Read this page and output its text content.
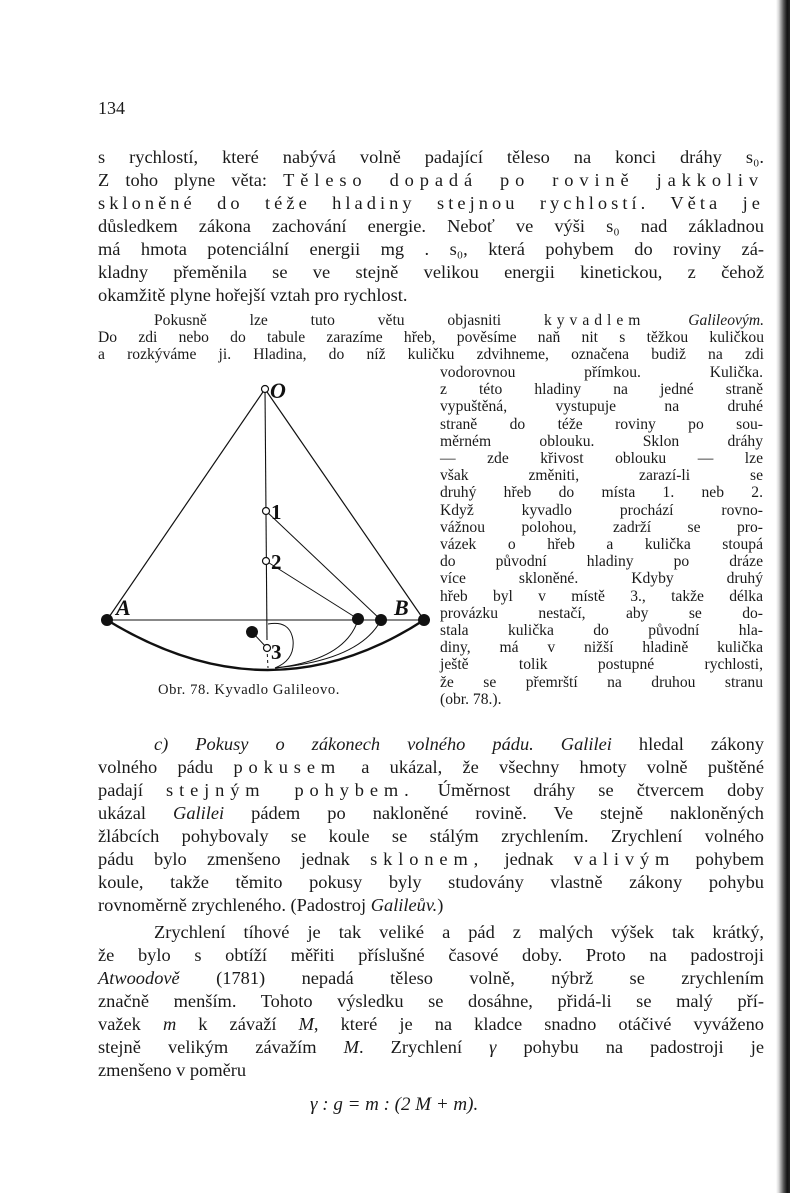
134
s rychlostí, které nabývá volně padající těleso na konci dráhy s₀.
Z toho plyne věta: Těleso dopadá po rovině jakkoliv
skloněné do téže hladiny stejnou rychlostí. Věta je
důsledkem zákona zachování energie. Neboť ve výši s₀ nad základnou
má hmota potenciální energii mg . s₀, která pohybem do roviny zá-
kladny přeměnila se ve stejně velikou energii kinetickou, z čehož
okamžitě plyne hořejší vztah pro rychlost.
Pokusně lze tuto větu objasniti kyvadlem Galileovým.
Do zdi nebo do tabule zarazíme hřeb, pověsíme naň nit s těžkou kuličkou
a rozkýváme ji. Hladina, do níž kuličku zdvihneme, označena budiž na zdi
vodorovnou přímkou. Kulička.
z této hladiny na jedné straně
vypuštěná, vystupuje na druhé
straně do téže roviny po sou-
měrném oblouku. Sklon dráhy
— zde křivost oblouku — lze
však změniti, zarazí-li se
druhý hřeb do místa 1. neb 2.
Když kyvadlo prochází rovno-
vážnou polohou, zadrží se pro-
vázek o hřeb a kulička stoupá
do původní hladiny po dráze
více skloněné. Kdyby druhý
hřeb byl v místě 3., takže délka
provázku nestačí, aby se do-
stala kulička do původní hla-
diny, má v nižší hladině kulička
ještě tolik postupné rychlosti,
že se přemrští na druhou stranu
(obr. 78.).
O
1
2
3
A	B
Obr. 78. Kyvadlo Galileovo.
c) Pokusy o zákonech volného pádu. Galilei hledal zákony
volného pádu pokusem a ukázal, že všechny hmoty volně puštěné
padají stejným pohybem. Úměrnost dráhy se čtvercem doby
ukázal Galilei pádem po nakloněné rovině. Ve stejně nakloněných
žlábcích pohybovaly se koule se stálým zrychlením. Zrychlení volného
pádu bylo zmenšeno jednak sklonem, jednak valivým pohybem
koule, takže těmito pokusy byly studovány vlastně zákony pohybu
rovnoměrně zrychleného. (Padostroj Galileův.)
Zrychlení tíhové je tak veliké a pád z malých výšek tak krátký,
že bylo s obtíží měřiti příslušné časové doby. Proto na padostroji
Atwoodově (1781) nepadá těleso volně, nýbrž se zrychlením
značně menším. Tohoto výsledku se dosáhne, přidá-li se malý pří-
važek m k závaží M, které je na kladce snadno otáčivé vyváženo
stejně velikým závažím M. Zrychlení γ pohybu na padostroji je
zmenšeno v poměru
γ : g = m : (2 M + m).
